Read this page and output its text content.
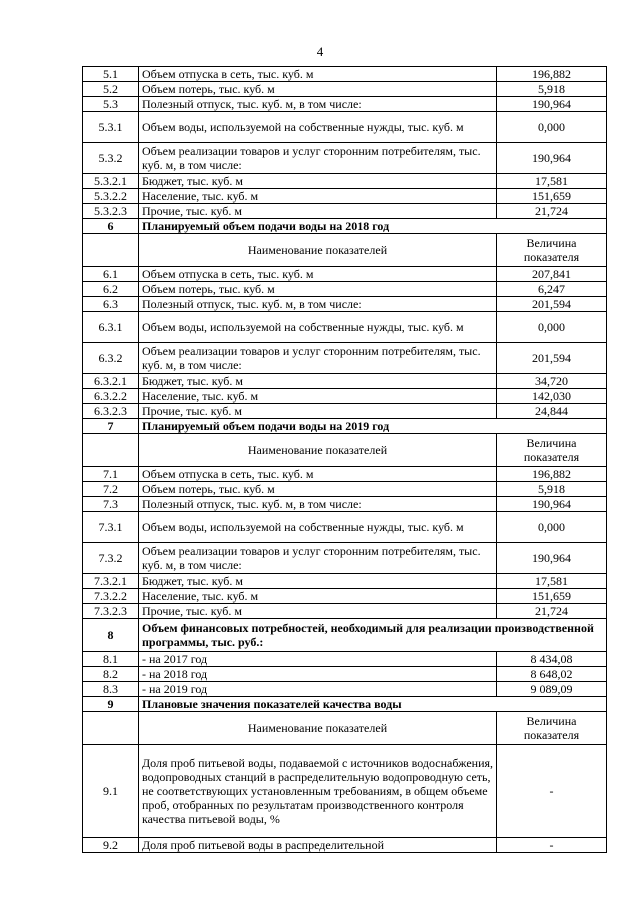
4
5.1	Объем отпуска в сеть, тыс. куб. м	196,882
5.2	Объем потерь, тыс. куб. м	5,918
5.3	Полезный отпуск, тыс. куб. м, в том числе:	190,964
5.3.1	Объем воды, используемой на собственные нужды, тыс. куб. м	0,000
5.3.2	Объем реализации товаров и услуг сторонним потребителям, тыс. куб. м, в том числе:	190,964
5.3.2.1	Бюджет, тыс. куб. м	17,581
5.3.2.2	Население, тыс. куб. м	151,659
5.3.2.3	Прочие, тыс. куб. м	21,724
6	Планируемый объем подачи воды на 2018 год	
	Наименование показателей	Величина показателя
6.1	Объем отпуска в сеть, тыс. куб. м	207,841
6.2	Объем потерь, тыс. куб. м	6,247
6.3	Полезный отпуск, тыс. куб. м, в том числе:	201,594
6.3.1	Объем воды, используемой на собственные нужды, тыс. куб. м	0,000
6.3.2	Объем реализации товаров и услуг сторонним потребителям, тыс. куб. м, в том числе:	201,594
6.3.2.1	Бюджет, тыс. куб. м	34,720
6.3.2.2	Население, тыс. куб. м	142,030
6.3.2.3	Прочие, тыс. куб. м	24,844
7	Планируемый объем подачи воды на 2019 год	
	Наименование показателей	Величина показателя
7.1	Объем отпуска в сеть, тыс. куб. м	196,882
7.2	Объем потерь, тыс. куб. м	5,918
7.3	Полезный отпуск, тыс. куб. м, в том числе:	190,964
7.3.1	Объем воды, используемой на собственные нужды, тыс. куб. м	0,000
7.3.2	Объем реализации товаров и услуг сторонним потребителям, тыс. куб. м, в том числе:	190,964
7.3.2.1	Бюджет, тыс. куб. м	17,581
7.3.2.2	Население, тыс. куб. м	151,659
7.3.2.3	Прочие, тыс. куб. м	21,724
8	Объем финансовых потребностей, необходимый для реализации производственной программы, тыс. руб.:	
8.1	- на 2017 год	8 434,08
8.2	- на 2018 год	8 648,02
8.3	- на 2019 год	9 089,09
9	Плановые значения показателей качества воды	
	Наименование показателей	Величина показателя
9.1	Доля проб питьевой воды, подаваемой с источников водоснабжения, водопроводных станций в распределительную водопроводную сеть, не соответствующих установленным требованиям, в общем объеме проб, отобранных по результатам производственного контроля качества питьевой воды, %	-
9.2	Доля проб питьевой воды в распределительной	-
